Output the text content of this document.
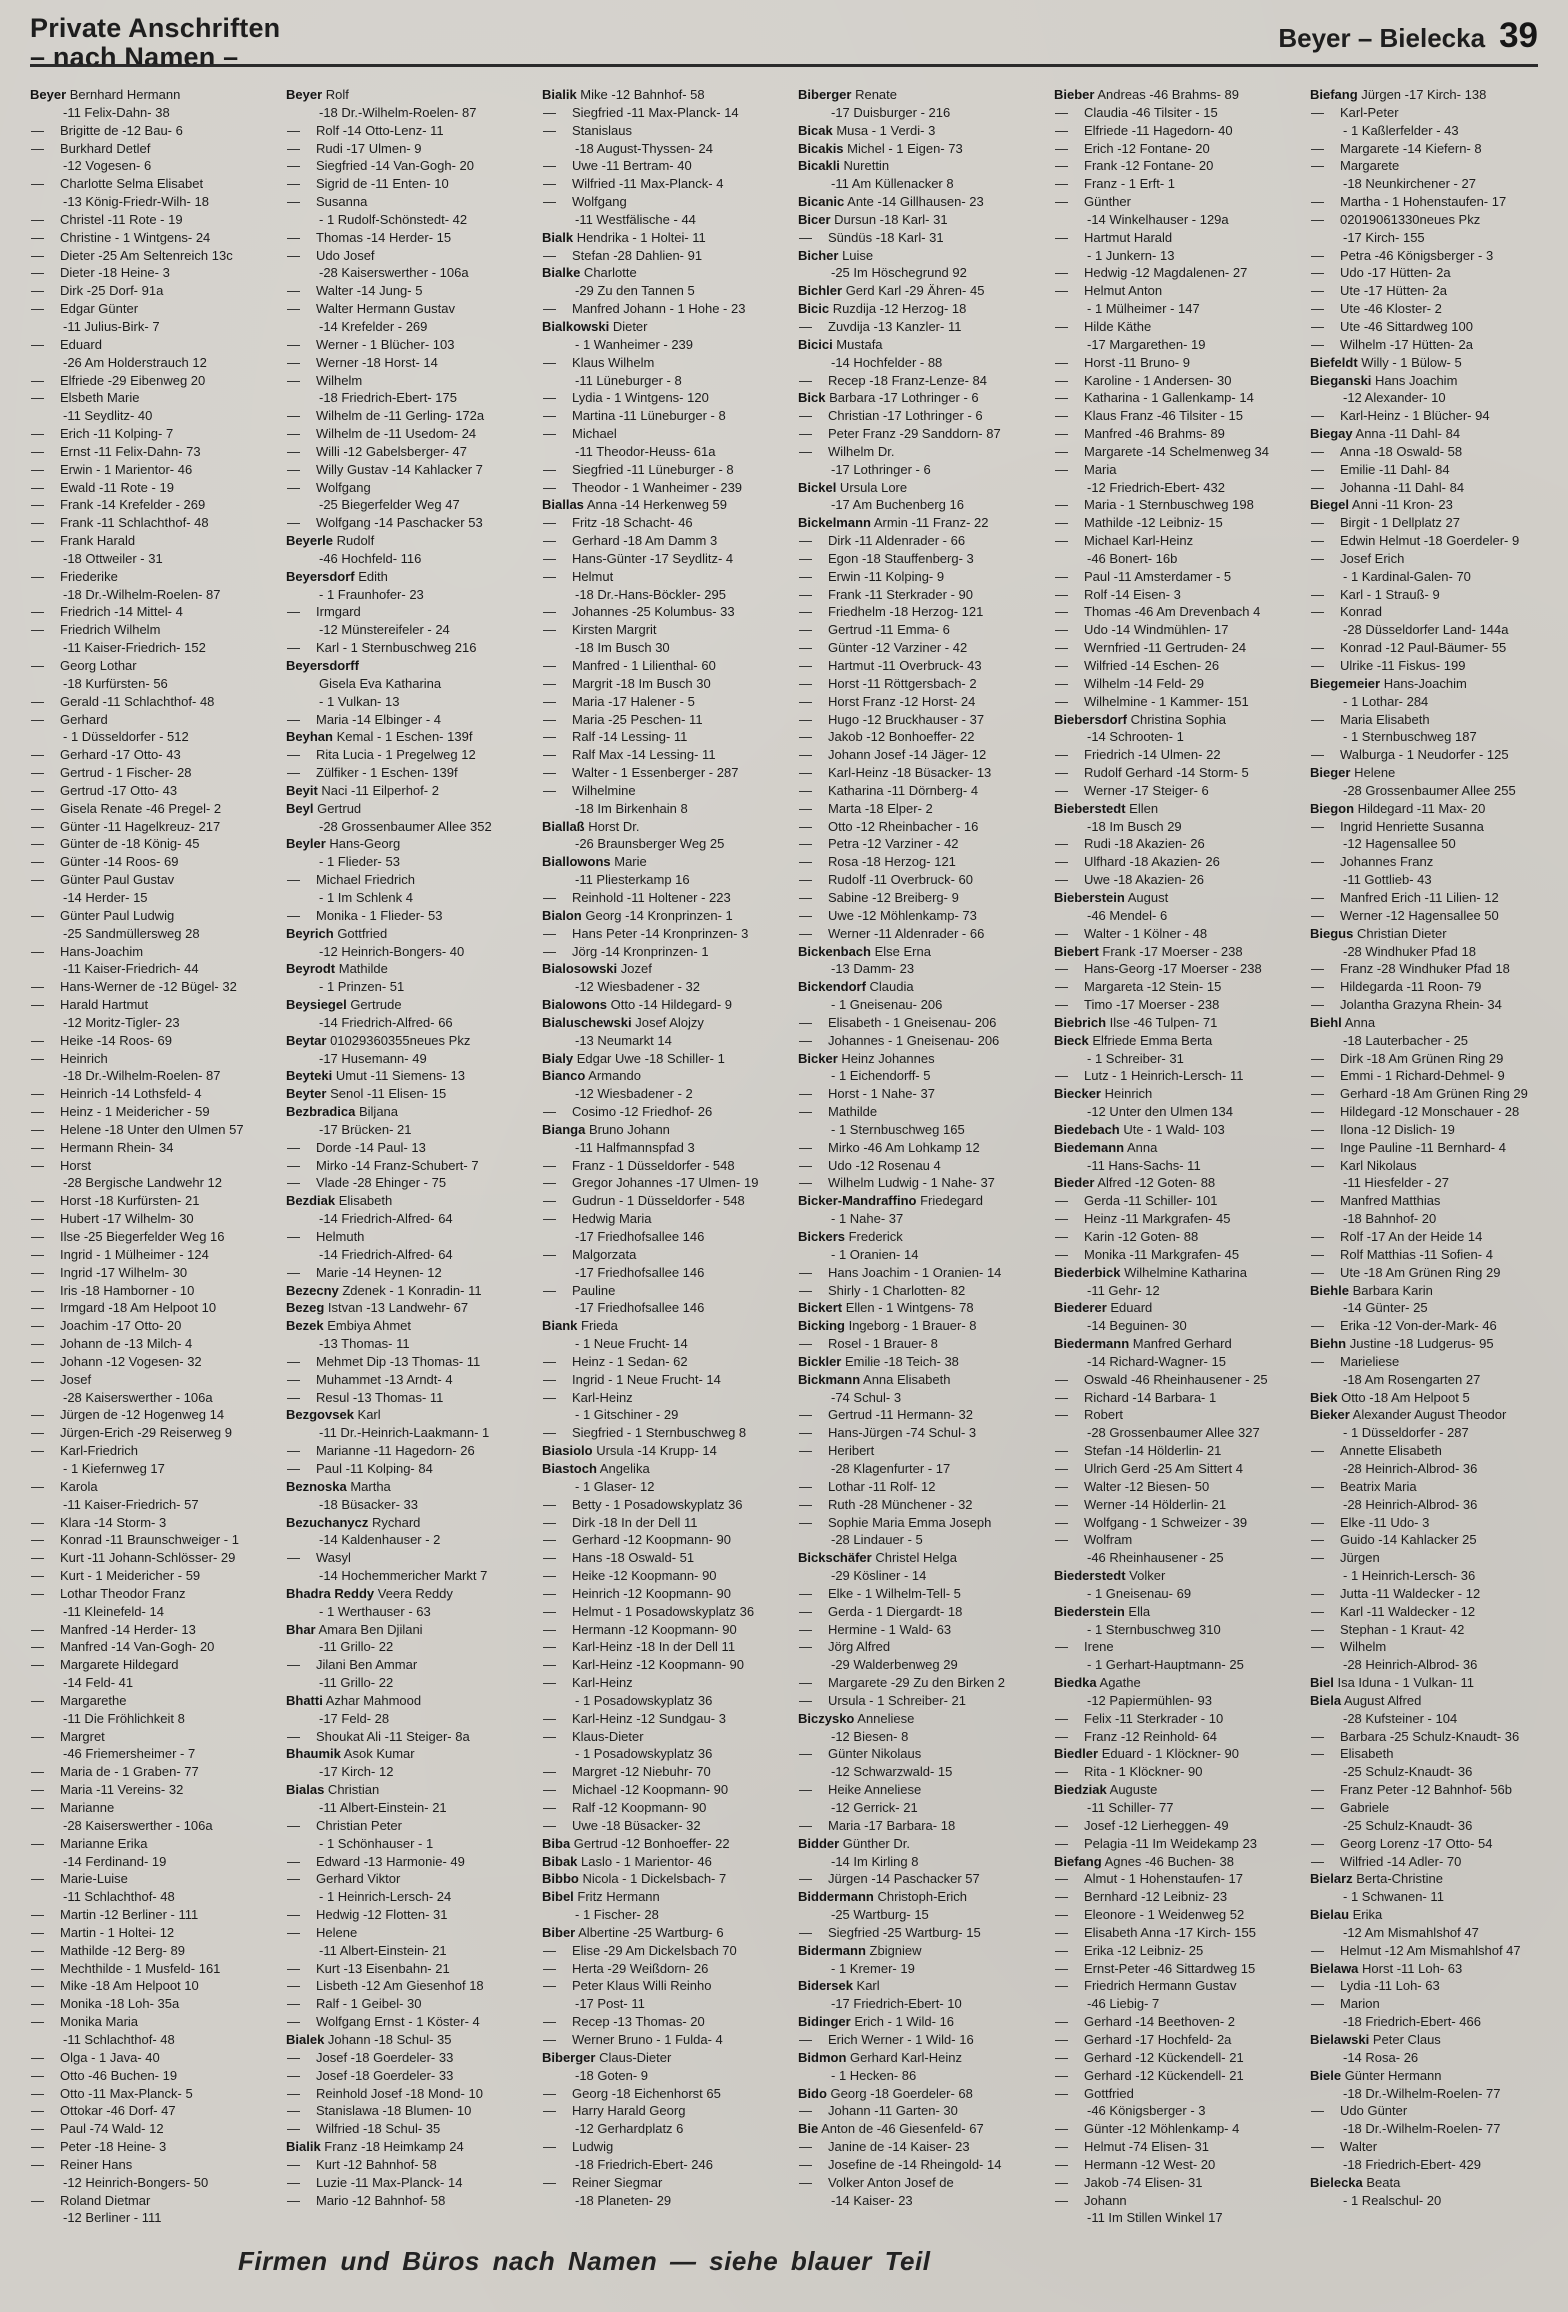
Private Anschriften
– nach Namen –
Beyer – Bielecka 39
Beyer Bernhard Hermann
-11 Felix-Dahn- 38
— Brigitte de -12 Bau- 6
— Burkhard Detlef
-12 Vogesen- 6
— Charlotte Selma Elisabet
-13 König-Friedr-Wilh- 18
— Christel -11 Rote - 19
— Christine - 1 Wintgens- 24
— Dieter -25 Am Seltenreich 13c
— Dieter -18 Heine- 3
— Dirk -25 Dorf- 91a
— Edgar Günter
-11 Julius-Birk- 7
— Eduard
-26 Am Holderstrauch 12
— Elfriede -29 Eibenweg 20
— Elsbeth Marie
-11 Seydlitz- 40
— Erich -11 Kolping- 7
— Ernst -11 Felix-Dahn- 73
— Erwin - 1 Marientor- 46
— Ewald -11 Rote - 19
— Frank -14 Krefelder - 269
— Frank -11 Schlachthof- 48
— Frank Harald
-18 Ottweiler - 31
— Friederike
-18 Dr.-Wilhelm-Roelen- 87
— Friedrich -14 Mittel- 4
— Friedrich Wilhelm
-11 Kaiser-Friedrich- 152
— Georg Lothar
-18 Kurfürsten- 56
— Gerald -11 Schlachthof- 48
— Gerhard
- 1 Düsseldorfer - 512
— Gerhard -17 Otto- 43
— Gertrud - 1 Fischer- 28
— Gertrud -17 Otto- 43
— Gisela Renate -46 Pregel- 2
— Günter -11 Hagelkreuz- 217
— Günter de -18 König- 45
— Günter -14 Roos- 69
— Günter Paul Gustav
-14 Herder- 15
— Günter Paul Ludwig
-25 Sandmüllersweg 28
— Hans-Joachim
-11 Kaiser-Friedrich- 44
— Hans-Werner de -12 Bügel- 32
— Harald Hartmut
-12 Moritz-Tigler- 23
— Heike -14 Roos- 69
— Heinrich
-18 Dr.-Wilhelm-Roelen- 87
— Heinrich -14 Lothsfeld- 4
— Heinz - 1 Meidericher - 59
— Helene -18 Unter den Ulmen 57
— Hermann Rhein- 34
— Horst
-28 Bergische Landwehr 12
— Horst -18 Kurfürsten- 21
— Hubert -17 Wilhelm- 30
— Ilse -25 Biegerfelder Weg 16
— Ingrid - 1 Mülheimer - 124
— Ingrid -17 Wilhelm- 30
— Iris -18 Hamborner - 10
— Irmgard -18 Am Helpoot 10
— Joachim -17 Otto- 20
— Johann de -13 Milch- 4
— Johann -12 Vogesen- 32
— Josef
-28 Kaiserswerther - 106a
— Jürgen de -12 Hogenweg 14
— Jürgen-Erich -29 Reiserweg 9
— Karl-Friedrich
- 1 Kiefernweg 17
— Karola
-11 Kaiser-Friedrich- 57
— Klara -14 Storm- 3
— Konrad -11 Braunschweiger - 1
— Kurt -11 Johann-Schlösser- 29
— Kurt - 1 Meidericher - 59
— Lothar Theodor Franz
-11 Kleinefeld- 14
— Manfred -14 Herder- 13
— Manfred -14 Van-Gogh- 20
— Margarete Hildegard
-14 Feld- 41
— Margarethe
-11 Die Fröhlichkeit 8
— Margret
-46 Friemersheimer - 7
— Maria de - 1 Graben- 77
— Maria -11 Vereins- 32
— Marianne
-28 Kaiserswerther - 106a
— Marianne Erika
-14 Ferdinand- 19
— Marie-Luise
-11 Schlachthof- 48
— Martin -12 Berliner - 111
— Martin - 1 Holtei- 12
— Mathilde -12 Berg- 89
— Mechthilde - 1 Musfeld- 161
— Mike -18 Am Helpoot 10
— Monika -18 Loh- 35a
— Monika Maria
-11 Schlachthof- 48
— Olga - 1 Java- 40
— Otto -46 Buchen- 19
— Otto -11 Max-Planck- 5
— Ottokar -46 Dorf- 47
— Paul -74 Wald- 12
— Peter -18 Heine- 3
— Reiner Hans
-12 Heinrich-Bongers- 50
— Roland Dietmar
-12 Berliner - 111
Beyer Rolf
-18 Dr.-Wilhelm-Roelen- 87
— Rolf -14 Otto-Lenz- 11
— Rudi -17 Ulmen- 9
— Siegfried -14 Van-Gogh- 20
— Sigrid de -11 Enten- 10
— Susanna
- 1 Rudolf-Schönstedt- 42
— Thomas -14 Herder- 15
— Udo Josef
-28 Kaiserswerther - 106a
— Walter -14 Jung- 5
— Walter Hermann Gustav
-14 Krefelder - 269
— Werner - 1 Blücher- 103
— Werner -18 Horst- 14
— Wilhelm
-18 Friedrich-Ebert- 175
— Wilhelm de -11 Gerling- 172a
— Wilhelm de -11 Usedom- 24
— Willi -12 Gabelsberger- 47
— Willy Gustav -14 Kahlacker 7
— Wolfgang
-25 Biegerfelder Weg 47
— Wolfgang -14 Paschacker 53
Beyerle Rudolf
-46 Hochfeld- 116
Beyersdorf Edith
- 1 Fraunhofer- 23
— Irmgard
-12 Münstereifeler - 24
— Karl - 1 Sternbuschweg 216
Beyersdorff
Gisela Eva Katharina
- 1 Vulkan- 13
— Maria -14 Elbinger - 4
Beyhan Kemal - 1 Eschen- 139f
— Rita Lucia - 1 Pregelweg 12
— Zülfiker - 1 Eschen- 139f
Beyit Naci -11 Eilperhof- 2
Beyl Gertrud
-28 Grossenbaumer Allee 352
Beyler Hans-Georg
- 1 Flieder- 53
— Michael Friedrich
- 1 Im Schlenk 4
— Monika - 1 Flieder- 53
Beyrich Gottfried
-12 Heinrich-Bongers- 40
Beyrodt Mathilde
- 1 Prinzen- 51
Beysiegel Gertrude
-14 Friedrich-Alfred- 66
Beytar 01029360355neues Pkz
-17 Husemann- 49
Beyteki Umut -11 Siemens- 13
Beyter Senol -11 Elisen- 15
Bezbradica Biljana
-17 Brücken- 21
— Dorde -14 Paul- 13
— Mirko -14 Franz-Schubert- 7
— Vlade -28 Ehinger - 75
Bezdiak Elisabeth
-14 Friedrich-Alfred- 64
— Helmuth
-14 Friedrich-Alfred- 64
— Marie -14 Heynen- 12
Bezecny Zdenek - 1 Konradin- 11
Bezeg Istvan -13 Landwehr- 67
Bezek Embiya Ahmet
-13 Thomas- 11
— Mehmet Dip -13 Thomas- 11
— Muhammet -13 Arndt- 4
— Resul -13 Thomas- 11
Bezgovsek Karl
-11 Dr.-Heinrich-Laakmann- 1
— Marianne -11 Hagedorn- 26
— Paul -11 Kolping- 84
Beznoska Martha
-18 Büsacker- 33
Bezuchanycz Rychard
-14 Kaldenhauser - 2
— Wasyl
-14 Hochemmericher Markt 7
Bhadra Reddy Veera Reddy
- 1 Werthauser - 63
Bhar Amara Ben Djilani
-11 Grillo- 22
— Jilani Ben Ammar
-11 Grillo- 22
Bhatti Azhar Mahmood
-17 Feld- 28
— Shoukat Ali -11 Steiger- 8a
Bhaumik Asok Kumar
-17 Kirch- 12
Bialas Christian
-11 Albert-Einstein- 21
— Christian Peter
- 1 Schönhauser - 1
— Edward -13 Harmonie- 49
— Gerhard Viktor
- 1 Heinrich-Lersch- 24
— Hedwig -12 Flotten- 31
— Helene
-11 Albert-Einstein- 21
— Kurt -13 Eisenbahn- 21
— Lisbeth -12 Am Giesenhof 18
— Ralf - 1 Geibel- 30
— Wolfgang Ernst - 1 Köster- 4
Bialek Johann -18 Schul- 35
— Josef -18 Goerdeler- 33
— Josef -18 Goerdeler- 33
— Reinhold Josef -18 Mond- 10
— Stanislawa -18 Blumen- 10
— Wilfried -18 Schul- 35
Bialik Franz -18 Heimkamp 24
— Kurt -12 Bahnhof- 58
— Luzie -11 Max-Planck- 14
— Mario -12 Bahnhof- 58
Bialik Mike -12 Bahnhof- 58
— Siegfried -11 Max-Planck- 14
— Stanislaus
-18 August-Thyssen- 24
— Uwe -11 Bertram- 40
— Wilfried -11 Max-Planck- 4
— Wolfgang
-11 Westfälische - 44
Bialk Hendrika - 1 Holtei- 11
— Stefan -28 Dahlien- 91
Bialke Charlotte
-29 Zu den Tannen 5
— Manfred Johann - 1 Hohe - 23
Bialkowski Dieter
- 1 Wanheimer - 239
— Klaus Wilhelm
-11 Lüneburger - 8
— Lydia - 1 Wintgens- 120
— Martina -11 Lüneburger - 8
— Michael
-11 Theodor-Heuss- 61a
— Siegfried -11 Lüneburger - 8
— Theodor - 1 Wanheimer - 239
Biallas Anna -14 Herkenweg 59
— Fritz -18 Schacht- 46
— Gerhard -18 Am Damm 3
— Hans-Günter -17 Seydlitz- 4
— Helmut
-18 Dr.-Hans-Böckler- 295
— Johannes -25 Kolumbus- 33
— Kirsten Margrit
-18 Im Busch 30
— Manfred - 1 Lilienthal- 60
— Margrit -18 Im Busch 30
— Maria -17 Halener - 5
— Maria -25 Peschen- 11
— Ralf -14 Lessing- 11
— Ralf Max -14 Lessing- 11
— Walter - 1 Essenberger - 287
— Wilhelmine
-18 Im Birkenhain 8
Biallaß Horst Dr.
-26 Braunsberger Weg 25
Biallowons Marie
-11 Pliesterkamp 16
— Reinhold -11 Holtener - 223
Bialon Georg -14 Kronprinzen- 1
— Hans Peter -14 Kronprinzen- 3
— Jörg -14 Kronprinzen- 1
Bialosowski Jozef
-12 Wiesbadener - 32
Bialowons Otto -14 Hildegard- 9
Bialuschewski Josef Alojzy
-13 Neumarkt 14
Bialy Edgar Uwe -18 Schiller- 1
Bianco Armando
-12 Wiesbadener - 2
— Cosimo -12 Friedhof- 26
Bianga Bruno Johann
-11 Halfmannspfad 3
— Franz - 1 Düsseldorfer - 548
— Gregor Johannes -17 Ulmen- 19
— Gudrun - 1 Düsseldorfer - 548
— Hedwig Maria
-17 Friedhofsallee 146
— Malgorzata
-17 Friedhofsallee 146
— Pauline
-17 Friedhofsallee 146
Biank Frieda
- 1 Neue Frucht- 14
— Heinz - 1 Sedan- 62
— Ingrid - 1 Neue Frucht- 14
— Karl-Heinz
- 1 Gitschiner - 29
— Siegfried - 1 Sternbuschweg 8
Biasiolo Ursula -14 Krupp- 14
Biastoch Angelika
- 1 Glaser- 12
— Betty - 1 Posadowskyplatz 36
— Dirk -18 In der Dell 11
— Gerhard -12 Koopmann- 90
— Hans -18 Oswald- 51
— Heike -12 Koopmann- 90
— Heinrich -12 Koopmann- 90
— Helmut - 1 Posadowskyplatz 36
— Hermann -12 Koopmann- 90
— Karl-Heinz -18 In der Dell 11
— Karl-Heinz -12 Koopmann- 90
— Karl-Heinz
- 1 Posadowskyplatz 36
— Karl-Heinz -12 Sundgau- 3
— Klaus-Dieter
- 1 Posadowskyplatz 36
— Margret -12 Niebuhr- 70
— Michael -12 Koopmann- 90
— Ralf -12 Koopmann- 90
— Uwe -18 Büsacker- 32
Biba Gertrud -12 Bonhoeffer- 22
Bibak Laslo - 1 Marientor- 46
Bibbo Nicola - 1 Dickelsbach- 7
Bibel Fritz Hermann
- 1 Fischer- 28
Biber Albertine -25 Wartburg- 6
— Elise -29 Am Dickelsbach 70
— Herta -29 Weißdorn- 26
— Peter Klaus Willi Reinho
-17 Post- 11
— Recep -13 Thomas- 20
— Werner Bruno - 1 Fulda- 4
Biberger Claus-Dieter
-18 Goten- 9
— Georg -18 Eichenhorst 65
— Harry Harald Georg
-12 Gerhardplatz 6
— Ludwig
-18 Friedrich-Ebert- 246
— Reiner Siegmar
-18 Planeten- 29
Biberger Renate
-17 Duisburger - 216
Bicak Musa - 1 Verdi- 3
Bicakis Michel - 1 Eigen- 73
Bicakli Nurettin
-11 Am Küllenacker 8
Bicanic Ante -14 Gillhausen- 23
Bicer Dursun -18 Karl- 31
— Sündüs -18 Karl- 31
Bicher Luise
-25 Im Höschegrund 92
Bichler Gerd Karl -29 Ähren- 45
Bicic Ruzdija -12 Herzog- 18
— Zuvdija -13 Kanzler- 11
Bicici Mustafa
-14 Hochfelder - 88
— Recep -18 Franz-Lenze- 84
Bick Barbara -17 Lothringer - 6
— Christian -17 Lothringer - 6
— Peter Franz -29 Sanddorn- 87
— Wilhelm Dr.
-17 Lothringer - 6
Bickel Ursula Lore
-17 Am Buchenberg 16
Bickelmann Armin -11 Franz- 22
— Dirk -11 Aldenrader - 66
— Egon -18 Stauffenberg- 3
— Erwin -11 Kolping- 9
— Frank -11 Sterkrader - 90
— Friedhelm -18 Herzog- 121
— Gertrud -11 Emma- 6
— Günter -12 Varziner - 42
— Hartmut -11 Overbruck- 43
— Horst -11 Röttgersbach- 2
— Horst Franz -12 Horst- 24
— Hugo -12 Bruckhauser - 37
— Jakob -12 Bonhoeffer- 22
— Johann Josef -14 Jäger- 12
— Karl-Heinz -18 Büsacker- 13
— Katharina -11 Dörnberg- 4
— Marta -18 Elper- 2
— Otto -12 Rheinbacher - 16
— Petra -12 Varziner - 42
— Rosa -18 Herzog- 121
— Rudolf -11 Overbruck- 60
— Sabine -12 Breiberg- 9
— Uwe -12 Möhlenkamp- 73
— Werner -11 Aldenrader - 66
Bickenbach Else Erna
-13 Damm- 23
Bickendorf Claudia
- 1 Gneisenau- 206
— Elisabeth - 1 Gneisenau- 206
— Johannes - 1 Gneisenau- 206
Bicker Heinz Johannes
- 1 Eichendorff- 5
— Horst - 1 Nahe- 37
— Mathilde
- 1 Sternbuschweg 165
— Mirko -46 Am Lohkamp 12
— Udo -12 Rosenau 4
— Wilhelm Ludwig - 1 Nahe- 37
Bicker-Mandraffino Friedegard
- 1 Nahe- 37
Bickers Frederick
- 1 Oranien- 14
— Hans Joachim - 1 Oranien- 14
— Shirly - 1 Charlotten- 82
Bickert Ellen - 1 Wintgens- 78
Bicking Ingeborg - 1 Brauer- 8
— Rosel - 1 Brauer- 8
Bickler Emilie -18 Teich- 38
Bickmann Anna Elisabeth
-74 Schul- 3
— Gertrud -11 Hermann- 32
— Hans-Jürgen -74 Schul- 3
— Heribert
-28 Klagenfurter - 17
— Lothar -11 Rolf- 12
— Ruth -28 Münchener - 32
— Sophie Maria Emma Joseph
-28 Lindauer - 5
Bickschäfer Christel Helga
-29 Kösliner - 14
— Elke - 1 Wilhelm-Tell- 5
— Gerda - 1 Diergardt- 18
— Hermine - 1 Wald- 63
— Jörg Alfred
-29 Walderbenweg 29
— Margarete -29 Zu den Birken 2
— Ursula - 1 Schreiber- 21
Biczysko Anneliese
-12 Biesen- 8
— Günter Nikolaus
-12 Schwarzwald- 15
— Heike Anneliese
-12 Gerrick- 21
— Maria -17 Barbara- 18
Bidder Günther Dr.
-14 Im Kirling 8
— Jürgen -14 Paschacker 57
Biddermann Christoph-Erich
-25 Wartburg- 15
— Siegfried -25 Wartburg- 15
Bidermann Zbigniew
- 1 Kremer- 19
Bidersek Karl
-17 Friedrich-Ebert- 10
Bidinger Erich - 1 Wild- 16
— Erich Werner - 1 Wild- 16
Bidmon Gerhard Karl-Heinz
- 1 Hecken- 86
Bido Georg -18 Goerdeler- 68
— Johann -11 Garten- 30
Bie Anton de -46 Giesenfeld- 67
— Janine de -14 Kaiser- 23
— Josefine de -14 Rheingold- 14
— Volker Anton Josef de
-14 Kaiser- 23
Bieber Andreas -46 Brahms- 89
— Claudia -46 Tilsiter - 15
— Elfriede -11 Hagedorn- 40
— Erich -12 Fontane- 20
— Frank -12 Fontane- 20
— Franz - 1 Erft- 1
— Günther
-14 Winkelhauser - 129a
— Hartmut Harald
- 1 Junkern- 13
— Hedwig -12 Magdalenen- 27
— Helmut Anton
- 1 Mülheimer - 147
— Hilde Käthe
-17 Margarethen- 19
— Horst -11 Bruno- 9
— Karoline - 1 Andersen- 30
— Katharina - 1 Gallenkamp- 14
— Klaus Franz -46 Tilsiter - 15
— Manfred -46 Brahms- 89
— Margarete -14 Schelmenweg 34
— Maria
-12 Friedrich-Ebert- 432
— Maria - 1 Sternbuschweg 198
— Mathilde -12 Leibniz- 15
— Michael Karl-Heinz
-46 Bonert- 16b
— Paul -11 Amsterdamer - 5
— Rolf -14 Eisen- 3
— Thomas -46 Am Drevenbach 4
— Udo -14 Windmühlen- 17
— Wernfried -11 Gertruden- 24
— Wilfried -14 Eschen- 26
— Wilhelm -14 Feld- 29
— Wilhelmine - 1 Kammer- 151
Biebersdorf Christina Sophia
-14 Schrooten- 1
— Friedrich -14 Ulmen- 22
— Rudolf Gerhard -14 Storm- 5
— Werner -17 Steiger- 6
Bieberstedt Ellen
-18 Im Busch 29
— Rudi -18 Akazien- 26
— Ulfhard -18 Akazien- 26
— Uwe -18 Akazien- 26
Bieberstein August
-46 Mendel- 6
— Walter - 1 Kölner - 48
Biebert Frank -17 Moerser - 238
— Hans-Georg -17 Moerser - 238
— Margareta -12 Stein- 15
— Timo -17 Moerser - 238
Biebrich Ilse -46 Tulpen- 71
Bieck Elfriede Emma Berta
- 1 Schreiber- 31
— Lutz - 1 Heinrich-Lersch- 11
Biecker Heinrich
-12 Unter den Ulmen 134
Biedebach Ute - 1 Wald- 103
Biedemann Anna
-11 Hans-Sachs- 11
Bieder Alfred -12 Goten- 88
— Gerda -11 Schiller- 101
— Heinz -11 Markgrafen- 45
— Karin -12 Goten- 88
— Monika -11 Markgrafen- 45
Biederbick Wilhelmine Katharina
-11 Gehr- 12
Biederer Eduard
-14 Beguinen- 30
Biedermann Manfred Gerhard
-14 Richard-Wagner- 15
— Oswald -46 Rheinhausener - 25
— Richard -14 Barbara- 1
— Robert
-28 Grossenbaumer Allee 327
— Stefan -14 Hölderlin- 21
— Ulrich Gerd -25 Am Sittert 4
— Walter -12 Biesen- 50
— Werner -14 Hölderlin- 21
— Wolfgang - 1 Schweizer - 39
— Wolfram
-46 Rheinhausener - 25
Biederstedt Volker
- 1 Gneisenau- 69
Biederstein Ella
- 1 Sternbuschweg 310
— Irene
- 1 Gerhart-Hauptmann- 25
Biedka Agathe
-12 Papiermühlen- 93
— Felix -11 Sterkrader - 10
— Franz -12 Reinhold- 64
Biedler Eduard - 1 Klöckner- 90
— Rita - 1 Klöckner- 90
Biedziak Auguste
-11 Schiller- 77
— Josef -12 Lierheggen- 49
— Pelagia -11 Im Weidekamp 23
Biefang Agnes -46 Buchen- 38
— Almut - 1 Hohenstaufen- 17
— Bernhard -12 Leibniz- 23
— Eleonore - 1 Weidenweg 52
— Elisabeth Anna -17 Kirch- 155
— Erika -12 Leibniz- 25
— Ernst-Peter -46 Sittardweg 15
— Friedrich Hermann Gustav
-46 Liebig- 7
— Gerhard -14 Beethoven- 2
— Gerhard -17 Hochfeld- 2a
— Gerhard -12 Kückendell- 21
— Gerhard -12 Kückendell- 21
— Gottfried
-46 Königsberger - 3
— Günter -12 Möhlenkamp- 4
— Helmut -74 Elisen- 31
— Hermann -12 West- 20
— Jakob -74 Elisen- 31
— Johann
-11 Im Stillen Winkel 17
Biefang Jürgen -17 Kirch- 138
— Karl-Peter
- 1 Kaßlerfelder - 43
— Margarete -14 Kiefern- 8
— Margarete
-18 Neunkirchener - 27
— Martha - 1 Hohenstaufen- 17
— 02019061330neues Pkz
-17 Kirch- 155
— Petra -46 Königsberger - 3
— Udo -17 Hütten- 2a
— Ute -17 Hütten- 2a
— Ute -46 Kloster- 2
— Ute -46 Sittardweg 100
— Wilhelm -17 Hütten- 2a
Biefeldt Willy - 1 Bülow- 5
Bieganski Hans Joachim
-12 Alexander- 10
— Karl-Heinz - 1 Blücher- 94
Biegay Anna -11 Dahl- 84
— Anna -18 Oswald- 58
— Emilie -11 Dahl- 84
— Johanna -11 Dahl- 84
Biegel Anni -11 Kron- 23
— Birgit - 1 Dellplatz 27
— Edwin Helmut -18 Goerdeler- 9
— Josef Erich
- 1 Kardinal-Galen- 70
— Karl - 1 Strauß- 9
— Konrad
-28 Düsseldorfer Land- 144a
— Konrad -12 Paul-Bäumer- 55
— Ulrike -11 Fiskus- 199
Biegemeier Hans-Joachim
- 1 Lothar- 284
— Maria Elisabeth
- 1 Sternbuschweg 187
— Walburga - 1 Neudorfer - 125
Bieger Helene
-28 Grossenbaumer Allee 255
Biegon Hildegard -11 Max- 20
— Ingrid Henriette Susanna
-12 Hagensallee 50
— Johannes Franz
-11 Gottlieb- 43
— Manfred Erich -11 Lilien- 12
— Werner -12 Hagensallee 50
Biegus Christian Dieter
-28 Windhuker Pfad 18
— Franz -28 Windhuker Pfad 18
— Hildegarda -11 Roon- 79
— Jolantha Grazyna Rhein- 34
Biehl Anna
-18 Lauterbacher - 25
— Dirk -18 Am Grünen Ring 29
— Emmi - 1 Richard-Dehmel- 9
— Gerhard -18 Am Grünen Ring 29
— Hildegard -12 Monschauer - 28
— Ilona -12 Dislich- 19
— Inge Pauline -11 Bernhard- 4
— Karl Nikolaus
-11 Hiesfelder - 27
— Manfred Matthias
-18 Bahnhof- 20
— Rolf -17 An der Heide 14
— Rolf Matthias -11 Sofien- 4
— Ute -18 Am Grünen Ring 29
Biehle Barbara Karin
-14 Günter- 25
— Erika -12 Von-der-Mark- 46
Biehn Justine -18 Ludgerus- 95
— Marieliese
-18 Am Rosengarten 27
Biek Otto -18 Am Helpoot 5
Bieker Alexander August Theodor
- 1 Düsseldorfer - 287
— Annette Elisabeth
-28 Heinrich-Albrod- 36
— Beatrix Maria
-28 Heinrich-Albrod- 36
— Elke -11 Udo- 3
— Guido -14 Kahlacker 25
— Jürgen
- 1 Heinrich-Lersch- 36
— Jutta -11 Waldecker - 12
— Karl -11 Waldecker - 12
— Stephan - 1 Kraut- 42
— Wilhelm
-28 Heinrich-Albrod- 36
Biel Isa Iduna - 1 Vulkan- 11
Biela August Alfred
-28 Kufsteiner - 104
— Barbara -25 Schulz-Knaudt- 36
— Elisabeth
-25 Schulz-Knaudt- 36
— Franz Peter -12 Bahnhof- 56b
— Gabriele
-25 Schulz-Knaudt- 36
— Georg Lorenz -17 Otto- 54
— Wilfried -14 Adler- 70
Bielarz Berta-Christine
- 1 Schwanen- 11
Bielau Erika
-12 Am Mismahlshof 47
— Helmut -12 Am Mismahlshof 47
Bielawa Horst -11 Loh- 63
— Lydia -11 Loh- 63
— Marion
-18 Friedrich-Ebert- 466
Bielawski Peter Claus
-14 Rosa- 26
Biele Günter Hermann
-18 Dr.-Wilhelm-Roelen- 77
— Udo Günter
-18 Dr.-Wilhelm-Roelen- 77
— Walter
-18 Friedrich-Ebert- 429
Bielecka Beata
- 1 Realschul- 20
Firmen und Büros nach Namen — siehe blauer Teil
